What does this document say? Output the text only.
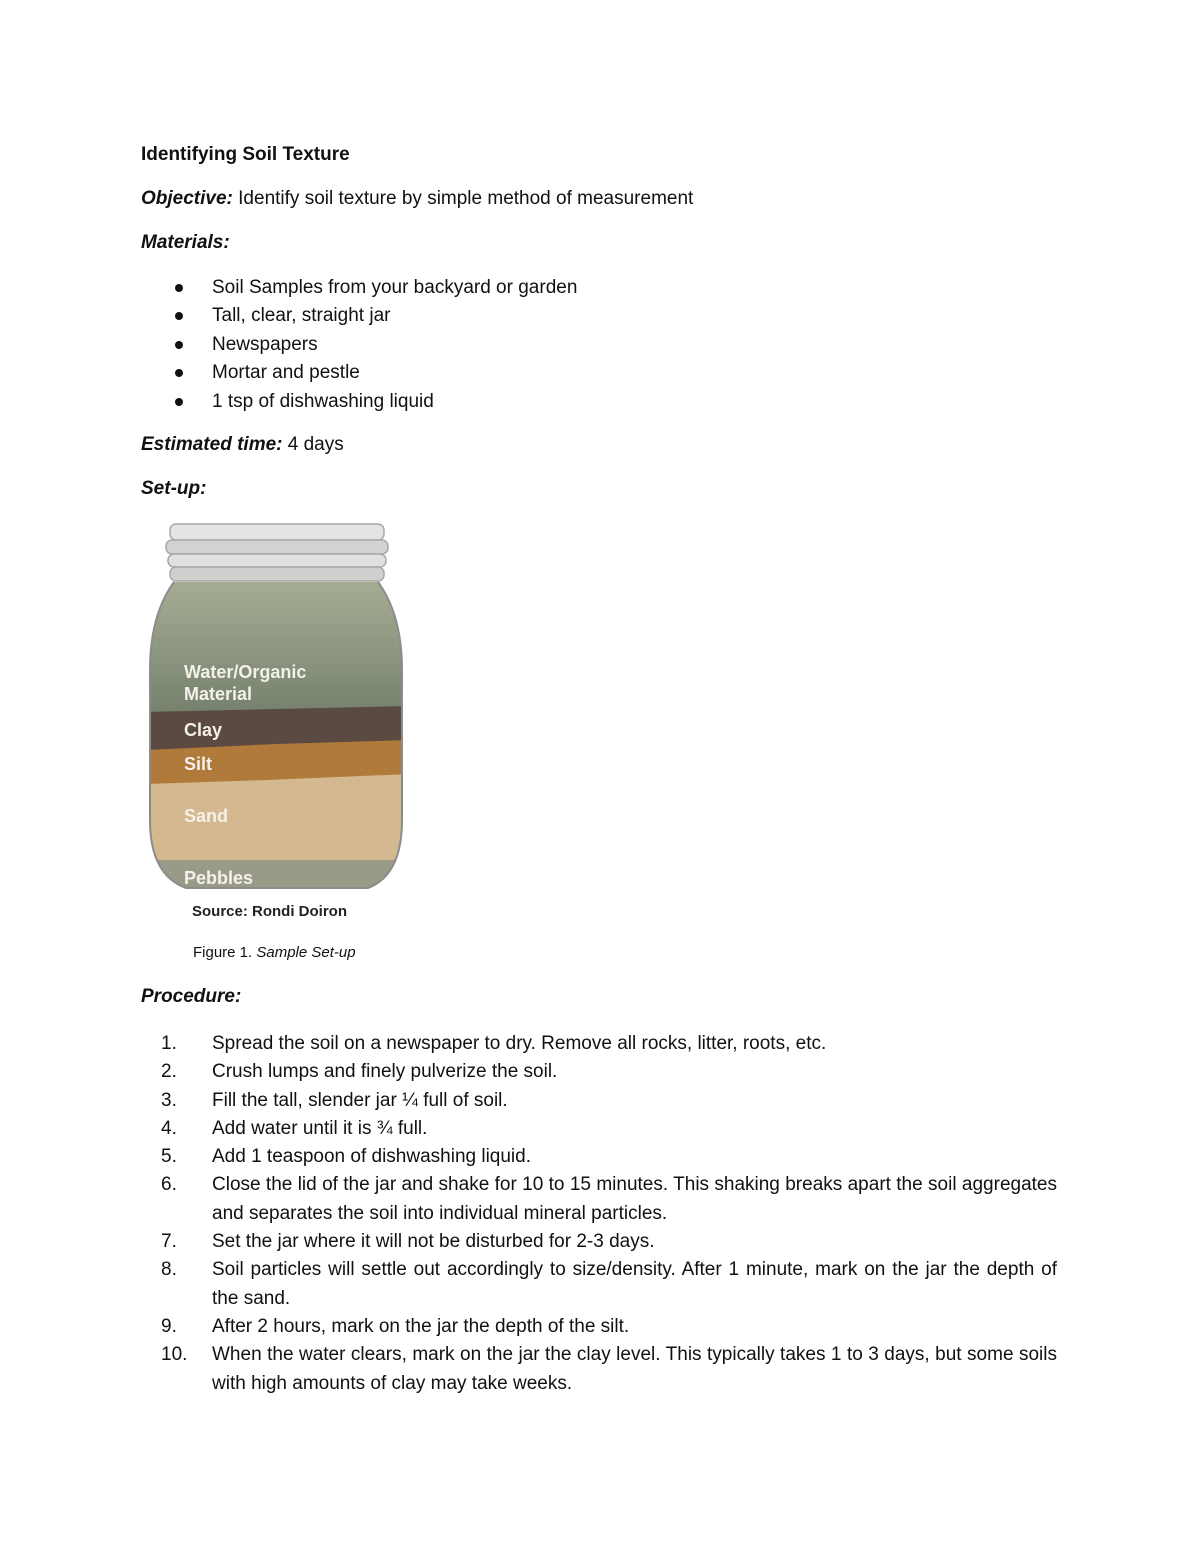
Identifying Soil Texture
Objective: Identify soil texture by simple method of measurement
Materials:
Soil Samples from your backyard or garden
Tall, clear, straight jar
Newspapers
Mortar and pestle
1 tsp of dishwashing liquid
Estimated time: 4 days
Set-up:
Water/Organic
Material
Clay
Silt
Sand
Pebbles
Source: Rondi Doiron
Figure 1. Sample Set-up
Procedure:
1.	Spread the soil on a newspaper to dry. Remove all rocks, litter, roots, etc.
2.	Crush lumps and finely pulverize the soil.
3.	Fill the tall, slender jar ¼ full of soil.
4.	Add water until it is ¾ full.
5.	Add 1 teaspoon of dishwashing liquid.
6.	Close the lid of the jar and shake for 10 to 15 minutes. This shaking breaks apart the soil aggregates and separates the soil into individual mineral particles.
7.	Set the jar where it will not be disturbed for 2-3 days.
8.	Soil particles will settle out accordingly to size/density. After 1 minute, mark on the jar the depth of the sand.
9.	After 2 hours, mark on the jar the depth of the silt.
10.	When the water clears, mark on the jar the clay level. This typically takes 1 to 3 days, but some soils with high amounts of clay may take weeks.
